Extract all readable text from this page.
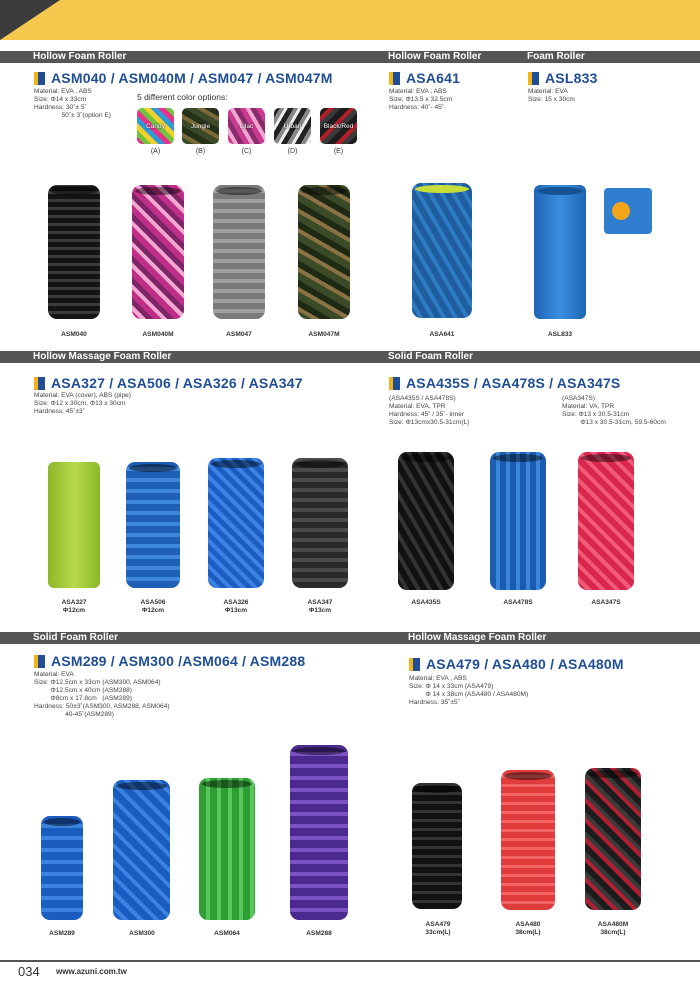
Hollow Foam Roller	Hollow Foam Roller	Foam Roller
ASM040 / ASM040M / ASM047 / ASM047M
Material: EVA , ABS
Size: Φ14 x 33cm
Hardness: 30˚± 5˚
50˚± 3˚(option E)
5 different color options:
Candy	Jungle	Lilac	Urban	Black/Red
(A)	(B)	(C)	(D)	(E)
ASA641
Material: EVA , ABS
Size: Φ13.5 x 32.5cm
Hardness: 40˚- 45˚
ASL833
Material: EVA
Size: 15 x 30cm
ASM040	ASM040M	ASM047	ASM047M	ASA641	ASL833
Hollow Massage Foam Roller	Solid Foam Roller
ASA327 / ASA506 / ASA326 / ASA347
Material: EVA (cover), ABS (pipe)
Size: Φ12 x 30cm, Φ13 x 30cm
Hardness: 45˚±3˚
ASA435S / ASA478S / ASA347S
(ASA435S / ASA478S)
Material: EVA, TPR
Hardness: 45˚ / 35˚- inner
Size: Φ13cmx30.5-31cm(L)
(ASA347S)
Material: VA, TPR
Size: Φ13 x 30.5-31cm
Φ13 x 30.5-31cm, 59.5-60cm
ASA327
Φ12cm
ASA506
Φ12cm
ASA326
Φ13cm
ASA347
Φ13cm
ASA435S	ASA478S	ASA347S
Solid Foam Roller	Hollow Massage Foam Roller
ASM289 / ASM300 /ASM064 / ASM288
Material: EVA
Size: Φ12.5cm x 33cm (ASM300, ASM064)
Φ12.5cm x 40cm (ASM288)
Φ8cm x 17.8cm   (ASM289)
Hardness: 50±3˚(ASM300, ASM288, ASM064)
40-45˚(ASM289)
ASA479 / ASA480 / ASA480M
Material: EVA , ABS
Size: Φ 14 x 33cm (ASA479)
Φ 14 x 38cm (ASA480 / ASA480M)
Hardness: 35˚±5˚
ASM289	ASM300	ASM064	ASM288
ASA479
33cm(L)
ASA480
38cm(L)
ASA480M
38cm(L)
034 www.azuni.com.tw
